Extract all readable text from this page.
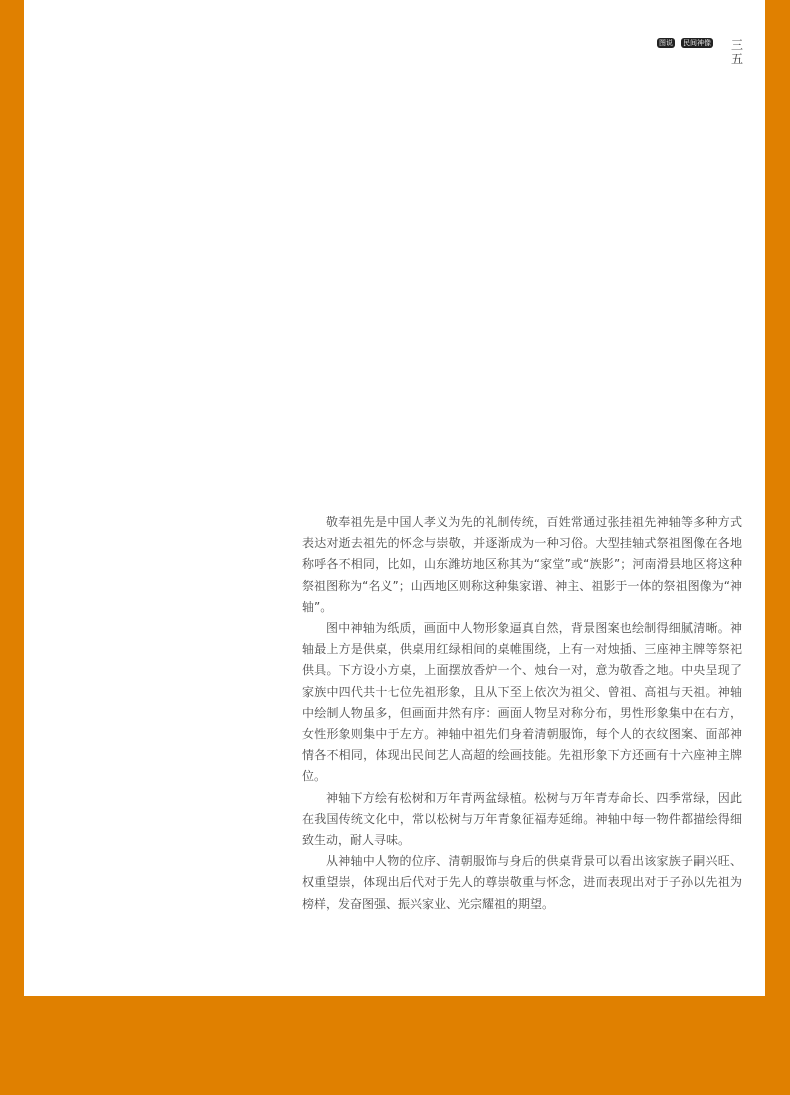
图说 民间神像 三五

敬奉祖先是中国人孝义为先的礼制传统，百姓常通过张挂祖先神轴等多种方式表达对逝去祖先的怀念与崇敬，并逐渐成为一种习俗。大型挂轴式祭祖图像在各地称呼各不相同，比如，山东潍坊地区称其为“家堂”或“族影”；河南滑县地区将这种祭祖图称为“名义”；山西地区则称这种集家谱、神主、祖影于一体的祭祖图像为“神轴”。

图中神轴为纸质，画面中人物形象逼真自然，背景图案也绘制得细腻清晰。神轴最上方是供桌，供桌用红绿相间的桌帷围绕，上有一对烛插、三座神主牌等祭祀供具。下方设小方桌，上面摆放香炉一个、烛台一对，意为敬香之地。中央呈现了家族中四代共十七位先祖形象，且从下至上依次为祖父、曾祖、高祖与天祖。神轴中绘制人物虽多，但画面井然有序：画面人物呈对称分布，男性形象集中在右方，女性形象则集中于左方。神轴中祖先们身着清朝服饰，每个人的衣纹图案、面部神情各不相同，体现出民间艺人高超的绘画技能。先祖形象下方还画有十六座神主牌位。

神轴下方绘有松树和万年青两盆绿植。松树与万年青寿命长、四季常绿，因此在我国传统文化中，常以松树与万年青象征福寿延绵。神轴中每一物件都描绘得细致生动，耐人寻味。

从神轴中人物的位序、清朝服饰与身后的供桌背景可以看出该家族子嗣兴旺、权重望崇，体现出后代对于先人的尊崇敬重与怀念，进而表现出对于子孙以先祖为榜样，发奋图强、振兴家业、光宗耀祖的期望。
